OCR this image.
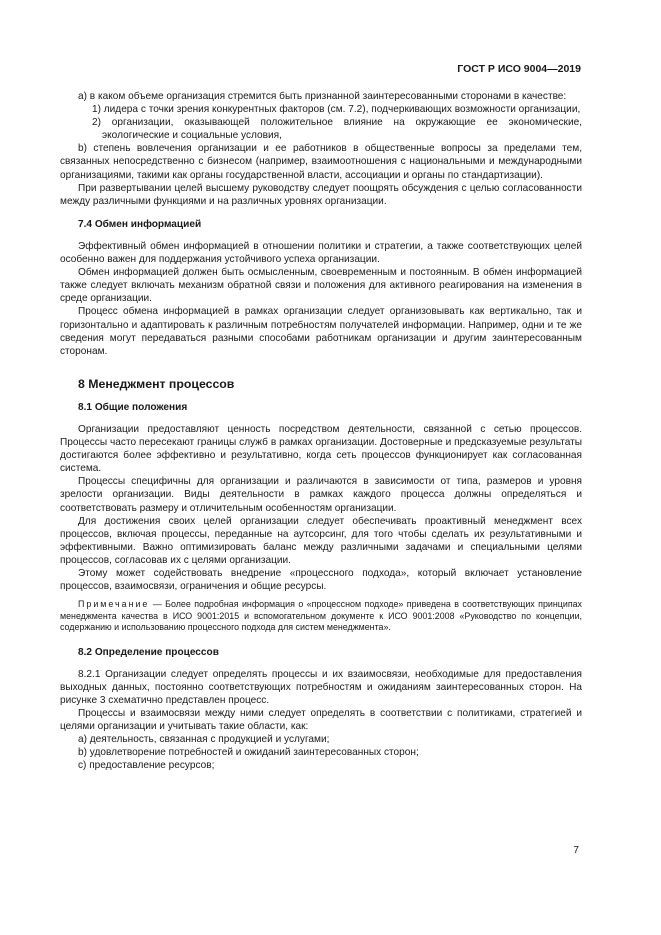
ГОСТ Р ИСО 9004—2019

a) в каком объеме организация стремится быть признанной заинтересованными сторонами в качестве:

1) лидера с точки зрения конкурентных факторов (см. 7.2), подчеркивающих возможности организации,

2) организации, оказывающей положительное влияние на окружающие ее экономические, экологические и социальные условия,

b) степень вовлечения организации и ее работников в общественные вопросы за пределами тем, связанных непосредственно с бизнесом (например, взаимоотношения с национальными и международными организациями, такими как органы государственной власти, ассоциации и органы по стандартизации).

При развертывании целей высшему руководству следует поощрять обсуждения с целью согласованности между различными функциями и на различных уровнях организации.

7.4 Обмен информацией

Эффективный обмен информацией в отношении политики и стратегии, а также соответствующих целей особенно важен для поддержания устойчивого успеха организации.

Обмен информацией должен быть осмысленным, своевременным и постоянным. В обмен информацией также следует включать механизм обратной связи и положения для активного реагирования на изменения в среде организации.

Процесс обмена информацией в рамках организации следует организовывать как вертикально, так и горизонтально и адаптировать к различным потребностям получателей информации. Например, одни и те же сведения могут передаваться разными способами работникам организации и другим заинтересованным сторонам.

8 Менеджмент процессов
8.1 Общие положения

Организации предоставляют ценность посредством деятельности, связанной с сетью процессов. Процессы часто пересекают границы служб в рамках организации. Достоверные и предсказуемые результаты достигаются более эффективно и результативно, когда сеть процессов функционирует как согласованная система.

Процессы специфичны для организации и различаются в зависимости от типа, размеров и уровня зрелости организации. Виды деятельности в рамках каждого процесса должны определяться и соответствовать размеру и отличительным особенностям организации.

Для достижения своих целей организации следует обеспечивать проактивный менеджмент всех процессов, включая процессы, переданные на аутсорсинг, для того чтобы сделать их результативными и эффективными. Важно оптимизировать баланс между различными задачами и специальными целями процессов, согласовав их с целями организации.

Этому может содействовать внедрение «процессного подхода», который включает установление процессов, взаимосвязи, ограничения и общие ресурсы.

Примечание — Более подробная информация о «процессном подходе» приведена в соответствующих принципах менеджмента качества в ИСО 9001:2015 и вспомогательном документе к ИСО 9001:2008 «Руководство по концепции, содержанию и использованию процессного подхода для систем менеджмента».

8.2 Определение процессов

8.2.1 Организации следует определять процессы и их взаимосвязи, необходимые для предоставления выходных данных, постоянно соответствующих потребностям и ожиданиям заинтересованных сторон. На рисунке 3 схематично представлен процесс.

Процессы и взаимосвязи между ними следует определять в соответствии с политиками, стратегией и целями организации и учитывать такие области, как:

a) деятельность, связанная с продукцией и услугами;

b) удовлетворение потребностей и ожиданий заинтересованных сторон;

c) предоставление ресурсов;

7
